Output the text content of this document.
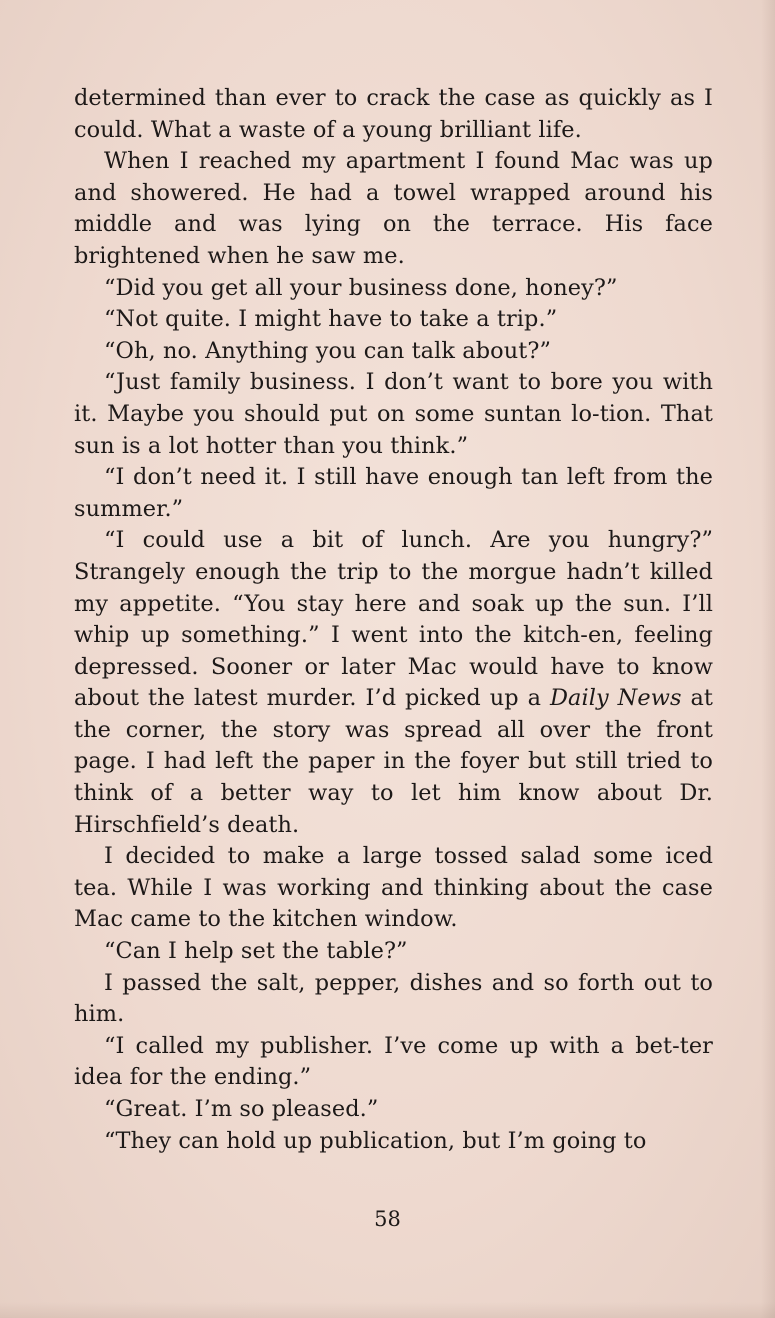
determined than ever to crack the case as quickly as I could. What a waste of a young brilliant life.

When I reached my apartment I found Mac was up and showered. He had a towel wrapped around his middle and was lying on the terrace. His face brightened when he saw me.

“Did you get all your business done, honey?”

“Not quite. I might have to take a trip.”

“Oh, no. Anything you can talk about?”

“Just family business. I don’t want to bore you with it. Maybe you should put on some suntan lo-tion. That sun is a lot hotter than you think.”

“I don’t need it. I still have enough tan left from the summer.”

“I could use a bit of lunch. Are you hungry?” Strangely enough the trip to the morgue hadn’t killed my appetite. “You stay here and soak up the sun. I’ll whip up something.” I went into the kitch-en, feeling depressed. Sooner or later Mac would have to know about the latest murder. I’d picked up a Daily News at the corner, the story was spread all over the front page. I had left the paper in the foyer but still tried to think of a better way to let him know about Dr. Hirschfield’s death.

I decided to make a large tossed salad some iced tea. While I was working and thinking about the case Mac came to the kitchen window.

“Can I help set the table?”

I passed the salt, pepper, dishes and so forth out to him.

“I called my publisher. I’ve come up with a bet-ter idea for the ending.”

“Great. I’m so pleased.”

“They can hold up publication, but I’m going to

58
